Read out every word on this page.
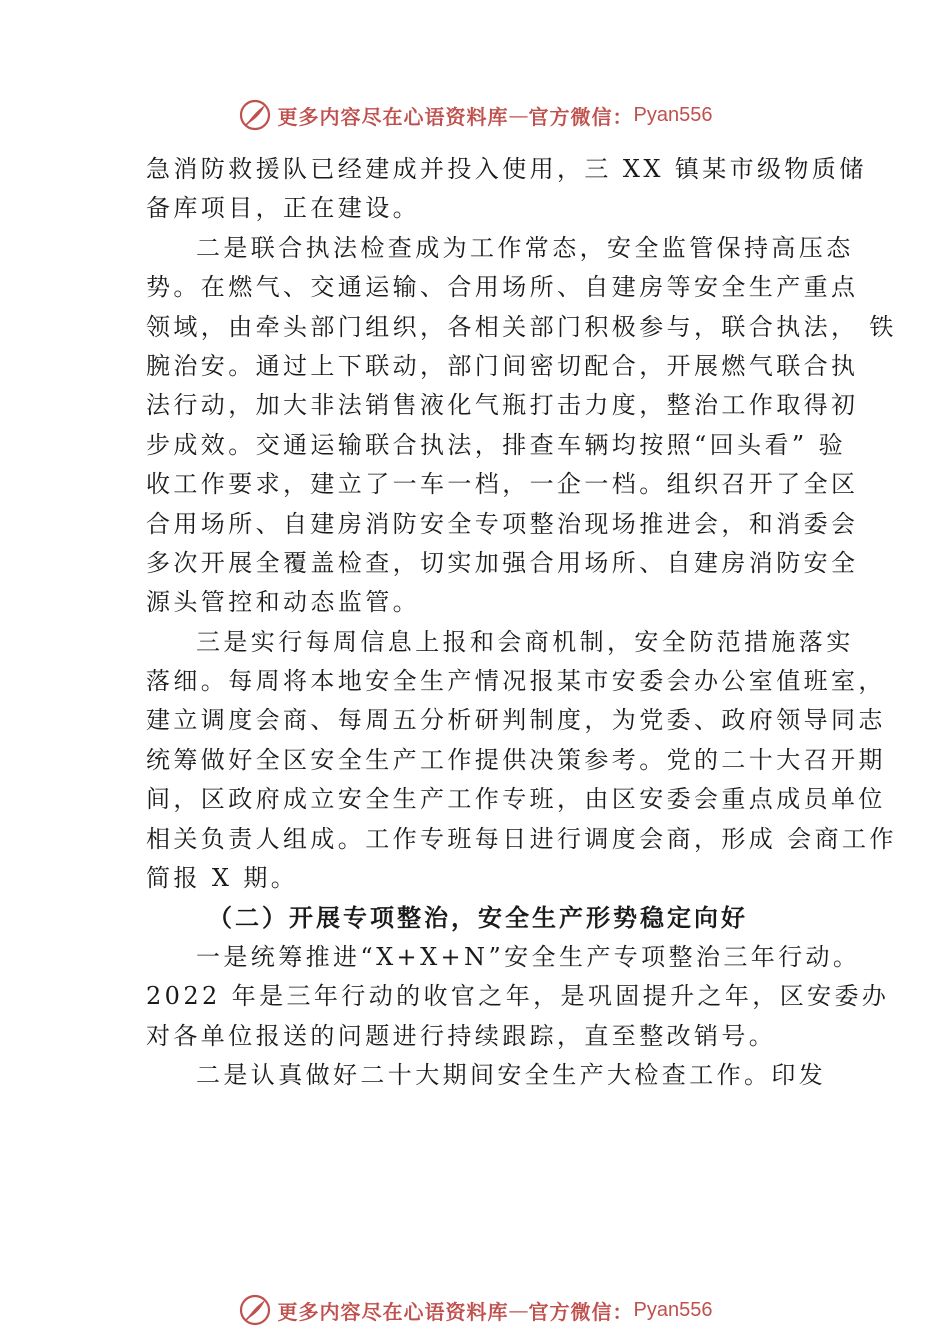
更多内容尽在心语资料库 — 官方微信： Pyan556
急消防救援队已经建成并投入使用，三 XX 镇某市级物质储
备库项目，正在建设。
二是联合执法检查成为工作常态，安全监管保持高压态
势。在燃气、交通运输、合用场所、自建房等安全生产重点
领域，由牵头部门组织，各相关部门积极参与，联合执法， 铁
腕治安。通过上下联动，部门间密切配合，开展燃气联合执
法行动，加大非法销售液化气瓶打击力度，整治工作取得初
步成效。交通运输联合执法，排查车辆均按照“回头看” 验
收工作要求，建立了一车一档，一企一档。组织召开了全区
合用场所、自建房消防安全专项整治现场推进会，和消委会
多次开展全覆盖检查，切实加强合用场所、自建房消防安全
源头管控和动态监管。
三是实行每周信息上报和会商机制，安全防范措施落实
落细。每周将本地安全生产情况报某市安委会办公室值班室，
建立调度会商、每周五分析研判制度，为党委、政府领导同志
统筹做好全区安全生产工作提供决策参考。党的二十大召开期
间，区政府成立安全生产工作专班，由区安委会重点成员单位
相关负责人组成。工作专班每日进行调度会商，形成 会商工作
简报 X 期。
（二）开展专项整治，安全生产形势稳定向好
一是统筹推进“X+X+N”安全生产专项整治三年行动。
2022 年是三年行动的收官之年，是巩固提升之年，区安委办
对各单位报送的问题进行持续跟踪，直至整改销号。
二是认真做好二十大期间安全生产大检查工作。印发
更多内容尽在心语资料库 — 官方微信： Pyan556
